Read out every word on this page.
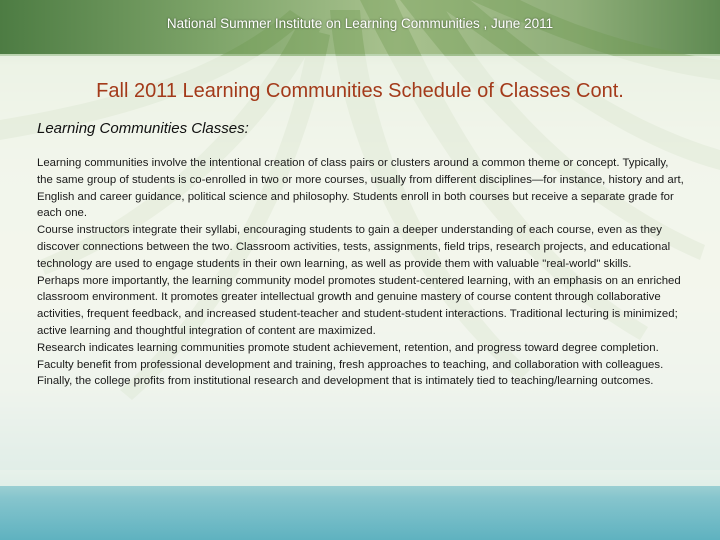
National Summer Institute on Learning Communities , June 2011
Fall 2011 Learning Communities Schedule of Classes Cont.
Learning Communities Classes:

Learning communities involve the intentional creation of class pairs or clusters around a common theme or concept. Typically, the same group of students is co-enrolled in two or more courses, usually from different disciplines—for instance, history and art, English and career guidance, political science and philosophy. Students enroll in both courses but receive a separate grade for each one.

Course instructors integrate their syllabi, encouraging students to gain a deeper understanding of each course, even as they discover connections between the two. Classroom activities, tests, assignments, field trips, research projects, and educational technology are used to engage students in their own learning, as well as provide them with valuable "real-world" skills.

Perhaps more importantly, the learning community model promotes student-centered learning, with an emphasis on an enriched classroom environment. It promotes greater intellectual growth and genuine mastery of course content through collaborative activities, frequent feedback, and increased student-teacher and student-student interactions. Traditional lecturing is minimized; active learning and thoughtful integration of content are maximized.

Research indicates learning communities promote student achievement, retention, and progress toward degree completion. Faculty benefit from professional development and training, fresh approaches to teaching, and collaboration with colleagues. Finally, the college profits from institutional research and development that is intimately tied to teaching/learning outcomes.
